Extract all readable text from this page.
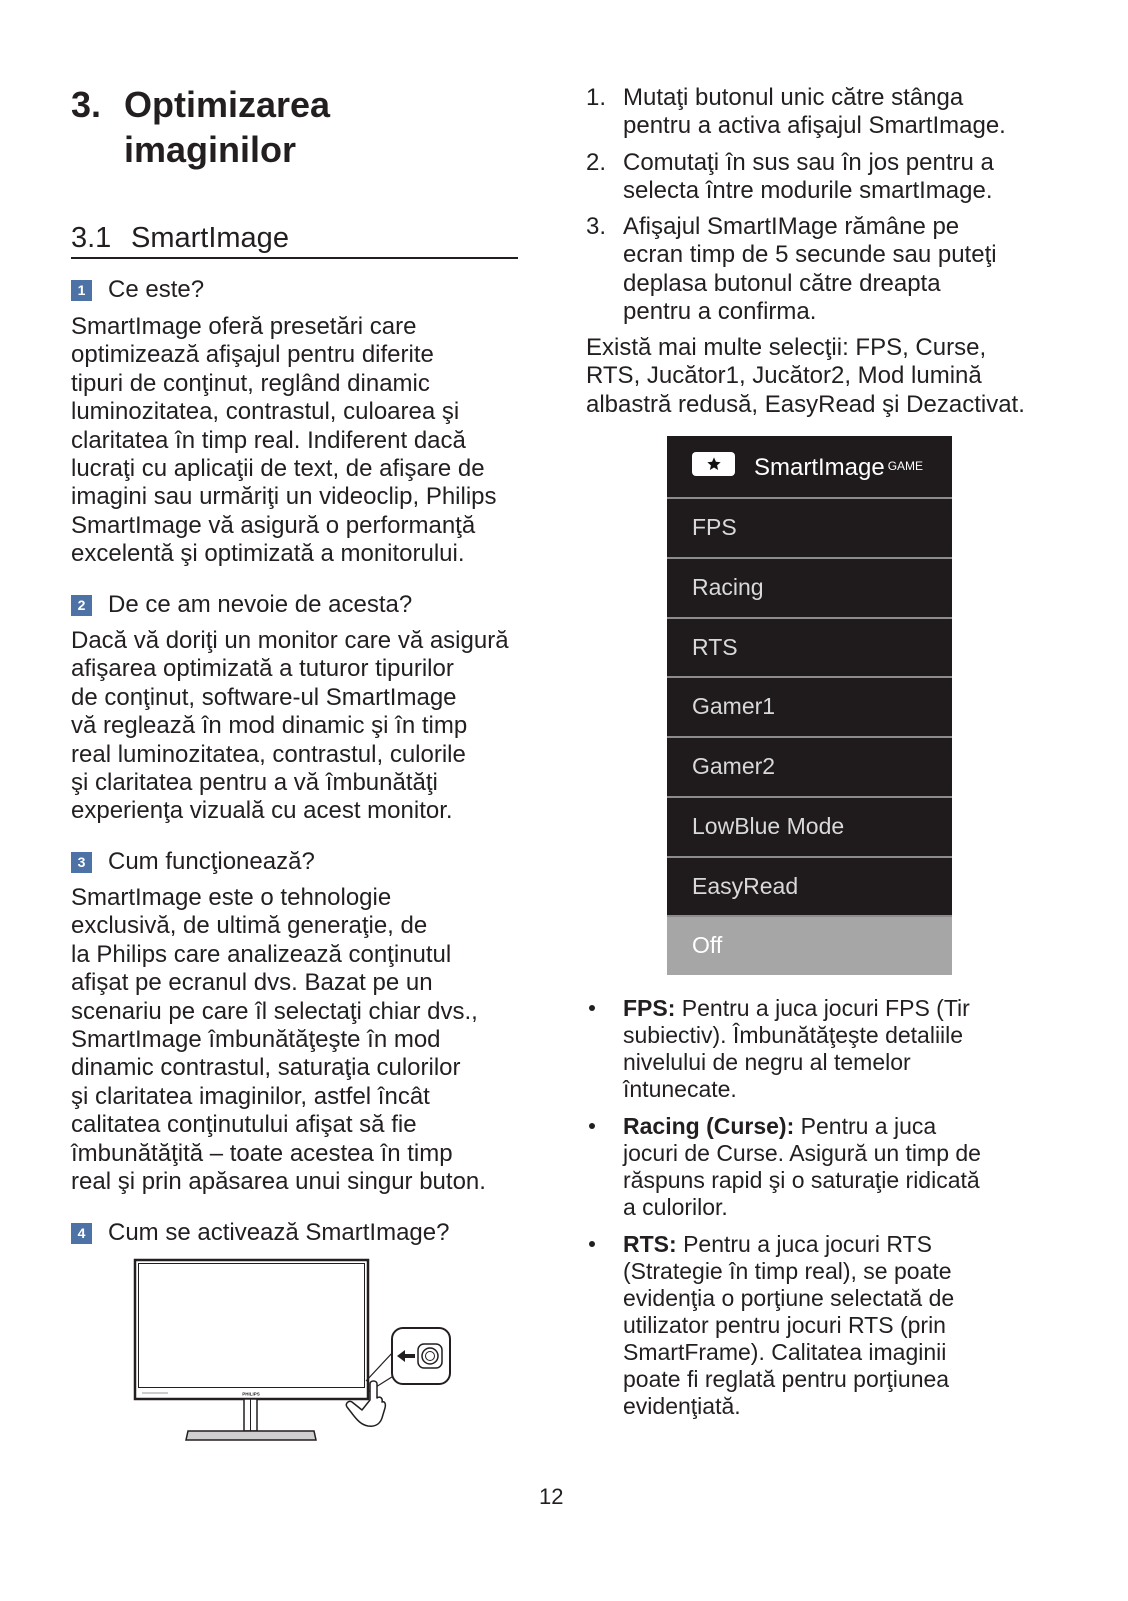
3. Optimizarea
imaginilor
3.1 SmartImage
1 Ce este?
SmartImage oferă presetări care
optimizează afişajul pentru diferite
tipuri de conţinut, reglând dinamic
luminozitatea, contrastul, culoarea şi
claritatea în timp real. Indiferent dacă
lucraţi cu aplicaţii de text, de afişare de
imagini sau urmăriţi un videoclip, Philips
SmartImage vă asigură o performanţă
excelentă şi optimizată a monitorului.
2 De ce am nevoie de acesta?
Dacă vă doriţi un monitor care vă asigură
afişarea optimizată a tuturor tipurilor
de conţinut, software-ul SmartImage
vă reglează în mod dinamic şi în timp
real luminozitatea, contrastul, culorile
şi claritatea pentru a vă îmbunătăţi
experienţa vizuală cu acest monitor.
3 Cum funcţionează?
SmartImage este o tehnologie
exclusivă, de ultimă generaţie, de
la Philips care analizează conţinutul
afişat pe ecranul dvs. Bazat pe un
scenariu pe care îl selectaţi chiar dvs.,
SmartImage îmbunătăţeşte în mod
dinamic contrastul, saturaţia culorilor
şi claritatea imaginilor, astfel încât
calitatea conţinutului afişat să fie
îmbunătăţită – toate acestea în timp
real şi prin apăsarea unui singur buton.
4 Cum se activează SmartImage?
PHILIPS
1. Mutaţi butonul unic către stânga
pentru a activa afişajul SmartImage.
2. Comutaţi în sus sau în jos pentru a
selecta între modurile smartImage.
3. Afişajul SmartIMage rămâne pe
ecran timp de 5 secunde sau puteţi
deplasa butonul către dreapta
pentru a confirma.
Există mai multe selecţii: FPS, Curse,
RTS, Jucător1, Jucător2, Mod lumină
albastră redusă, EasyRead şi Dezactivat.
SmartImage $^{GAME}$
FPS
Racing
RTS
Gamer1
Gamer2
LowBlue Mode
EasyRead
Off
FPS: Pentru a juca jocuri FPS (Tir
subiectiv). Îmbunătăţeşte detaliile
nivelului de negru al temelor
întunecate.
Racing (Curse): Pentru a juca
jocuri de Curse. Asigură un timp de
răspuns rapid şi o saturaţie ridicată
a culorilor.
RTS: Pentru a juca jocuri RTS
(Strategie în timp real), se poate
evidenţia o porţiune selectată de
utilizator pentru jocuri RTS (prin
SmartFrame). Calitatea imaginii
poate fi reglată pentru porţiunea
evidenţiată.
12
